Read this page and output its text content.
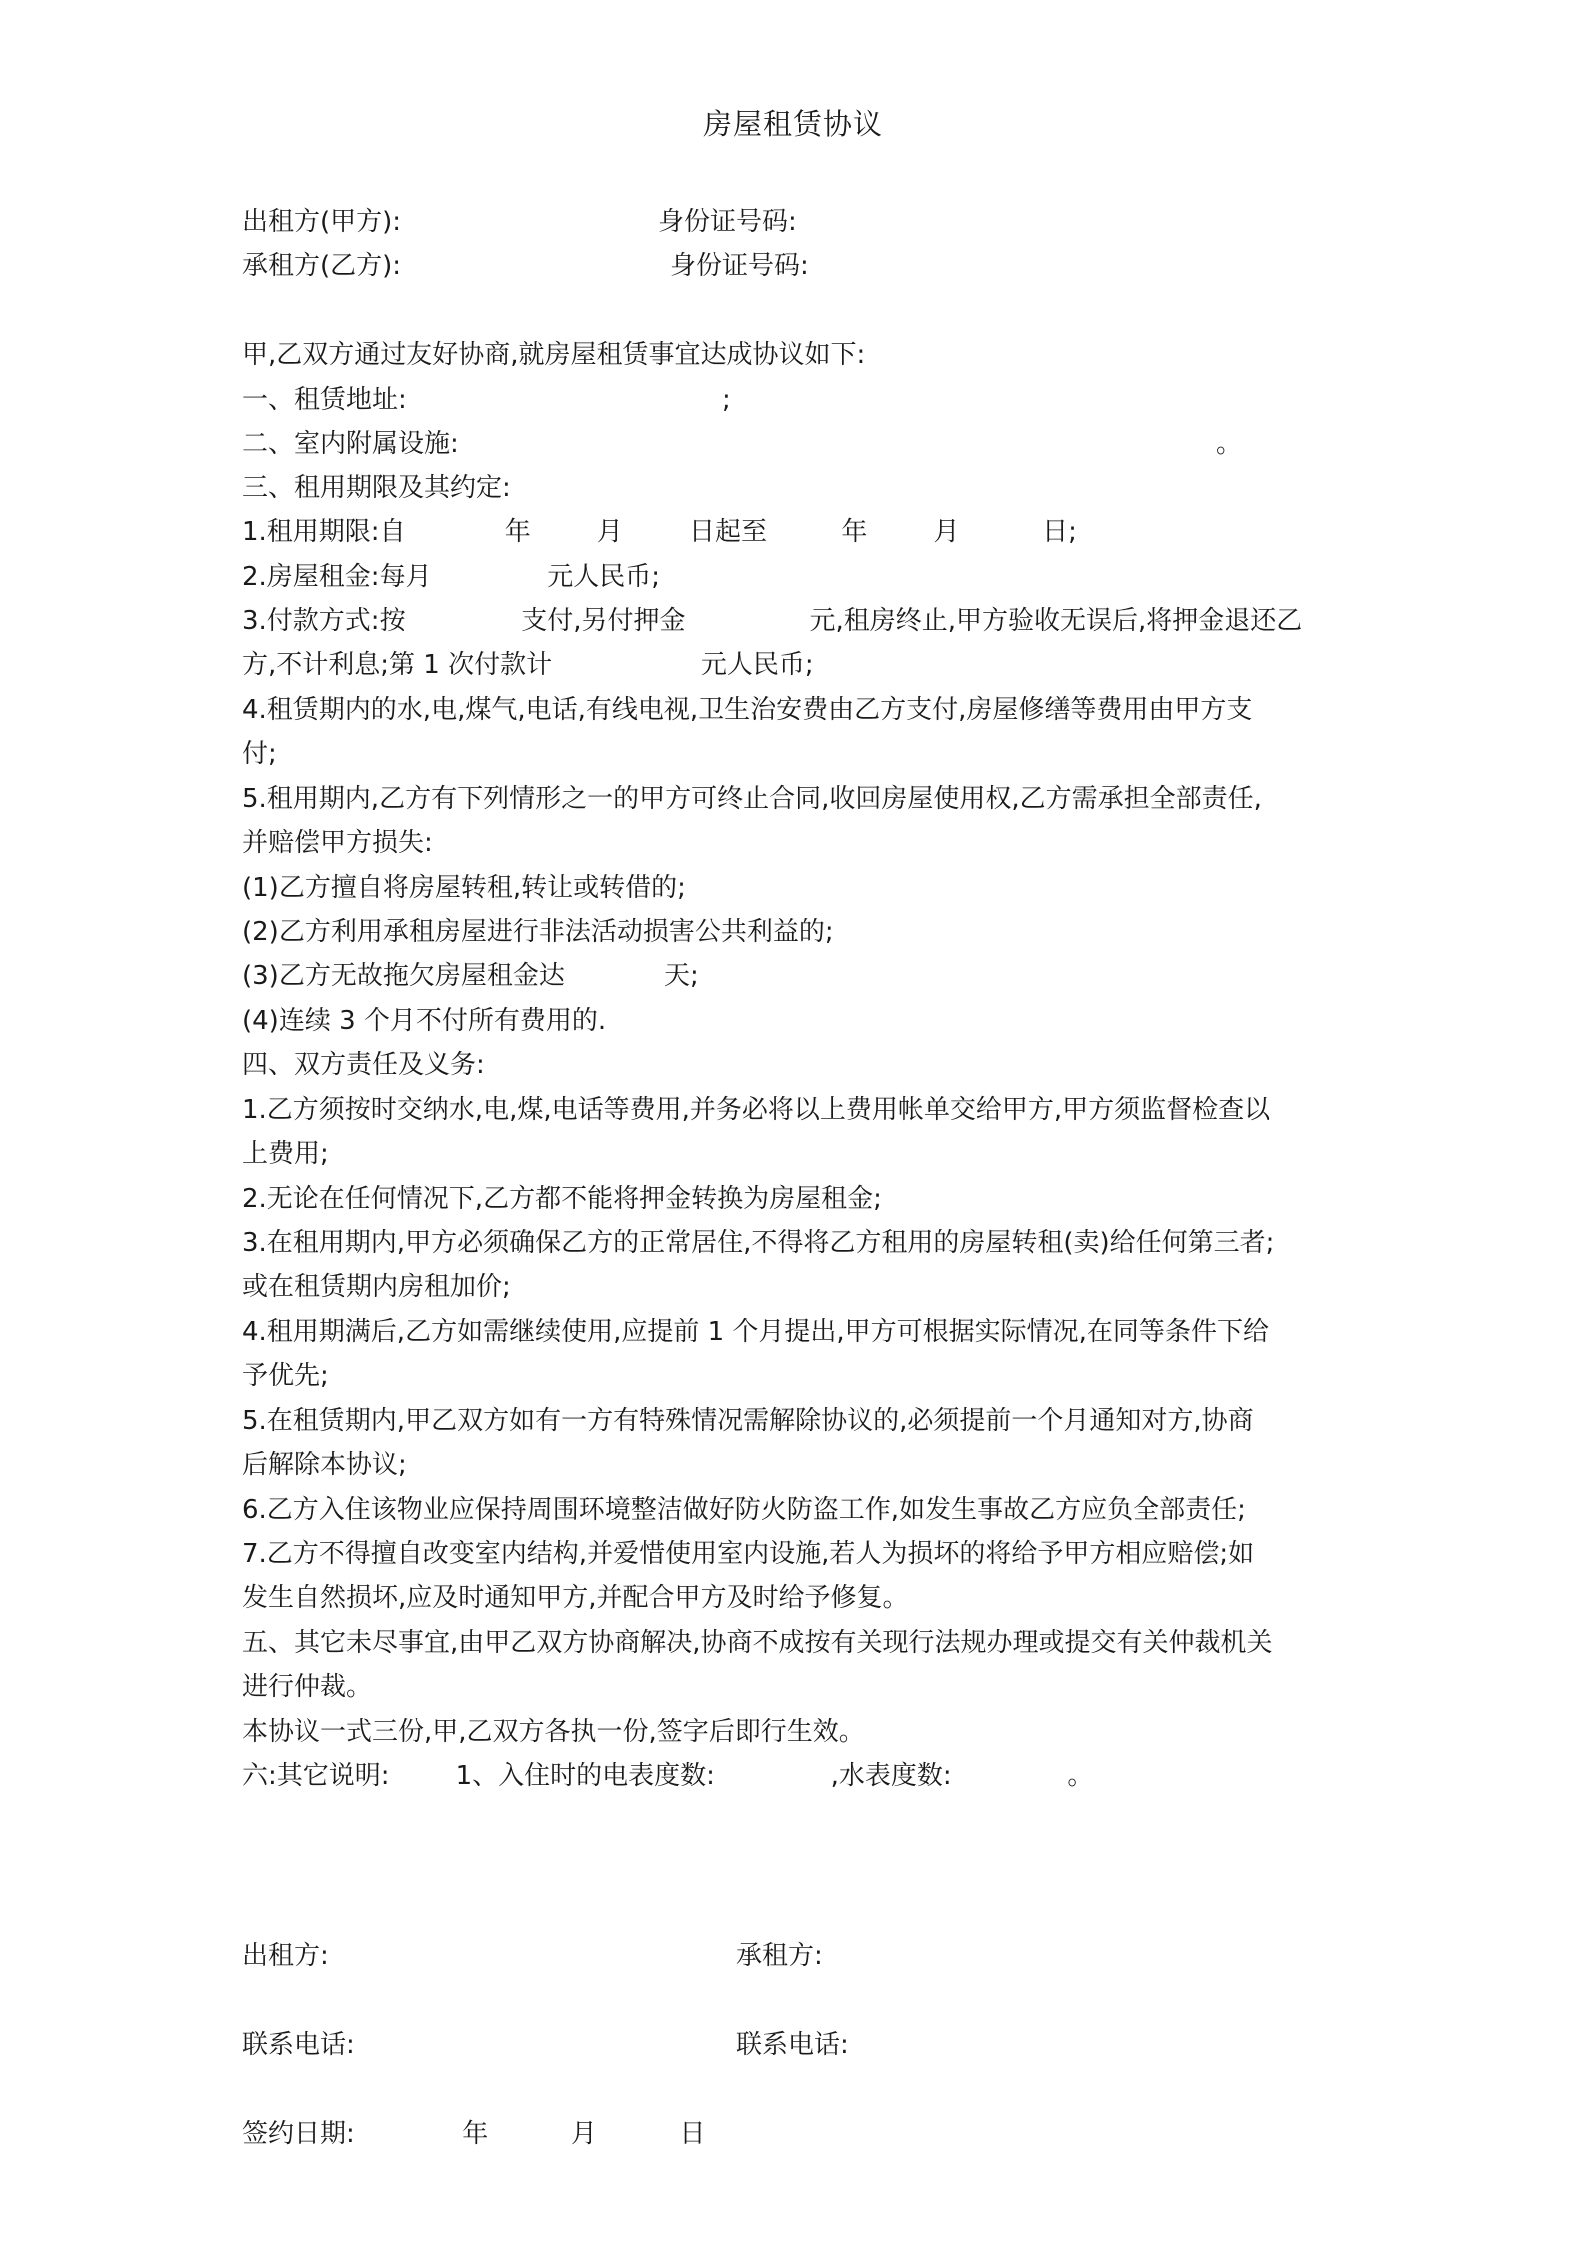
房屋租赁协议
出租方(甲方):	身份证号码:
承租方(乙方):	身份证号码:
甲,乙双方通过友好协商,就房屋租赁事宜达成协议如下:
一、租赁地址:	;
二、室内附属设施:	。
三、租用期限及其约定:
1.租用期限:自            年        月        日起至         年        月          日;
2.房屋租金:每月              元人民币;
3.付款方式:按              支付,另付押金               元,租房终止,甲方验收无误后,将押金退还乙
方,不计利息;第 1 次付款计                  元人民币;
4.租赁期内的水,电,煤气,电话,有线电视,卫生治安费由乙方支付,房屋修缮等费用由甲方支
付;
5.租用期内,乙方有下列情形之一的甲方可终止合同,收回房屋使用权,乙方需承担全部责任,
并赔偿甲方损失:
(1)乙方擅自将房屋转租,转让或转借的;
(2)乙方利用承租房屋进行非法活动损害公共利益的;
(3)乙方无故拖欠房屋租金达            天;
(4)连续 3 个月不付所有费用的.
四、双方责任及义务:
1.乙方须按时交纳水,电,煤,电话等费用,并务必将以上费用帐单交给甲方,甲方须监督检查以
上费用;
2.无论在任何情况下,乙方都不能将押金转换为房屋租金;
3.在租用期内,甲方必须确保乙方的正常居住,不得将乙方租用的房屋转租(卖)给任何第三者;
或在租赁期内房租加价;
4.租用期满后,乙方如需继续使用,应提前 1 个月提出,甲方可根据实际情况,在同等条件下给
予优先;
5.在租赁期内,甲乙双方如有一方有特殊情况需解除协议的,必须提前一个月通知对方,协商
后解除本协议;
6.乙方入住该物业应保持周围环境整洁做好防火防盗工作,如发生事故乙方应负全部责任;
7.乙方不得擅自改变室内结构,并爱惜使用室内设施,若人为损坏的将给予甲方相应赔偿;如
发生自然损坏,应及时通知甲方,并配合甲方及时给予修复。
五、其它未尽事宜,由甲乙双方协商解决,协商不成按有关现行法规办理或提交有关仲裁机关
进行仲裁。
本协议一式三份,甲,乙双方各执一份,签字后即行生效。
六:其它说明:        1、入住时的电表度数:              ,水表度数:              。
出租方:	承租方:
联系电话:	联系电话:
签约日期:             年          月          日
